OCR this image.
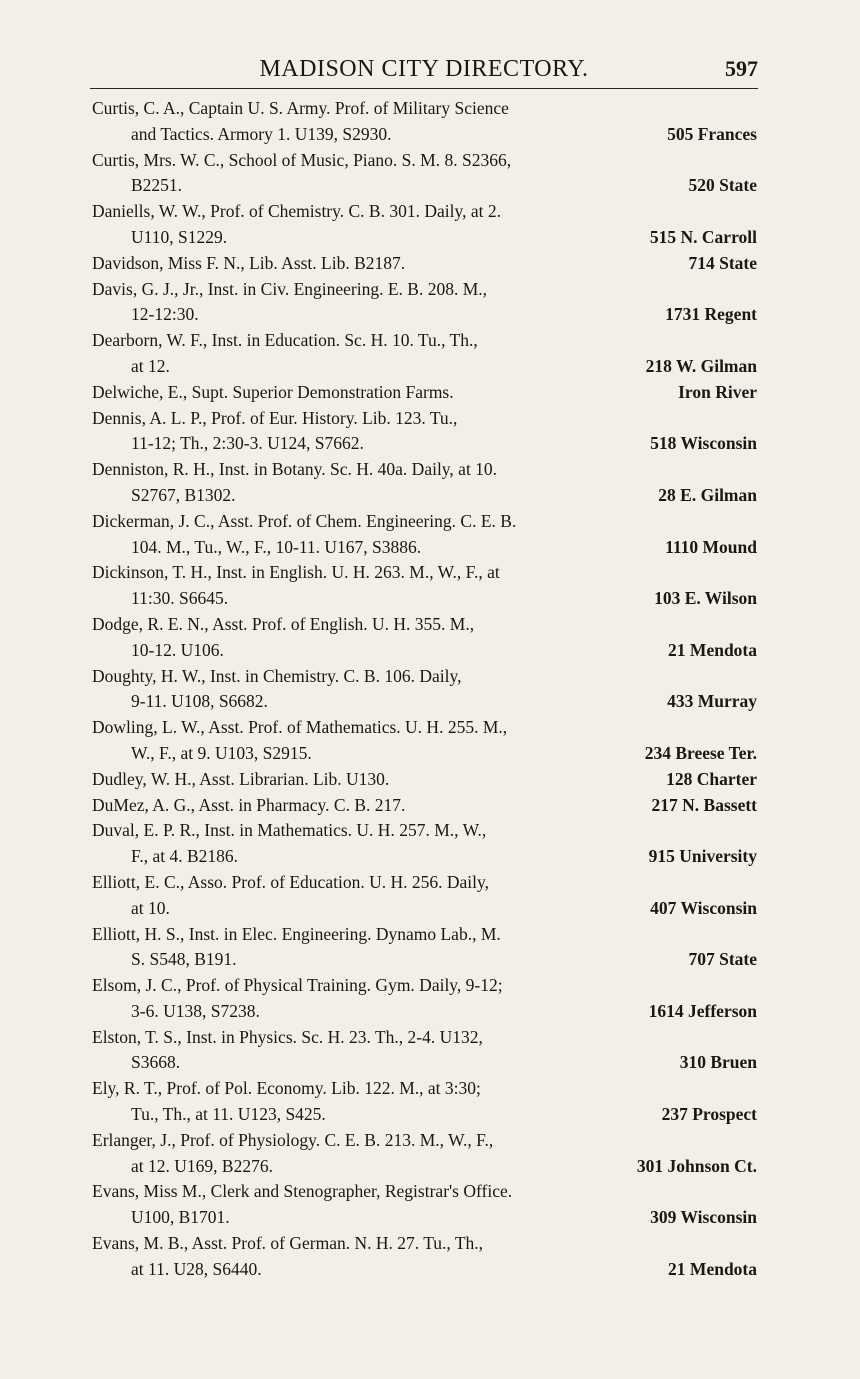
MADISON CITY DIRECTORY.	597
Curtis, C. A., Captain U. S. Army. Prof. of Military Science
and Tactics. Armory 1. U139, S2930.	505 Frances
Curtis, Mrs. W. C., School of Music, Piano. S. M. 8. S2366,
B2251.	520 State
Daniells, W. W., Prof. of Chemistry. C. B. 301. Daily, at 2.
U110, S1229.	515 N. Carroll
Davidson, Miss F. N., Lib. Asst. Lib. B2187.	714 State
Davis, G. J., Jr., Inst. in Civ. Engineering. E. B. 208. M.,
12-12:30.	1731 Regent
Dearborn, W. F., Inst. in Education. Sc. H. 10. Tu., Th.,
at 12.	218 W. Gilman
Delwiche, E., Supt. Superior Demonstration Farms.	Iron River
Dennis, A. L. P., Prof. of Eur. History. Lib. 123. Tu.,
11-12; Th., 2:30-3. U124, S7662.	518 Wisconsin
Denniston, R. H., Inst. in Botany. Sc. H. 40a. Daily, at 10.
S2767, B1302.	28 E. Gilman
Dickerman, J. C., Asst. Prof. of Chem. Engineering. C. E. B.
104. M., Tu., W., F., 10-11. U167, S3886.	1110 Mound
Dickinson, T. H., Inst. in English. U. H. 263. M., W., F., at
11:30. S6645.	103 E. Wilson
Dodge, R. E. N., Asst. Prof. of English. U. H. 355. M.,
10-12. U106.	21 Mendota
Doughty, H. W., Inst. in Chemistry. C. B. 106. Daily,
9-11. U108, S6682.	433 Murray
Dowling, L. W., Asst. Prof. of Mathematics. U. H. 255. M.,
W., F., at 9. U103, S2915.	234 Breese Ter.
Dudley, W. H., Asst. Librarian. Lib. U130.	128 Charter
DuMez, A. G., Asst. in Pharmacy. C. B. 217.	217 N. Bassett
Duval, E. P. R., Inst. in Mathematics. U. H. 257. M., W.,
F., at 4. B2186.	915 University
Elliott, E. C., Asso. Prof. of Education. U. H. 256. Daily,
at 10.	407 Wisconsin
Elliott, H. S., Inst. in Elec. Engineering. Dynamo Lab., M.
S. S548, B191.	707 State
Elsom, J. C., Prof. of Physical Training. Gym. Daily, 9-12;
3-6. U138, S7238.	1614 Jefferson
Elston, T. S., Inst. in Physics. Sc. H. 23. Th., 2-4. U132,
S3668.	310 Bruen
Ely, R. T., Prof. of Pol. Economy. Lib. 122. M., at 3:30;
Tu., Th., at 11. U123, S425.	237 Prospect
Erlanger, J., Prof. of Physiology. C. E. B. 213. M., W., F.,
at 12. U169, B2276.	301 Johnson Ct.
Evans, Miss M., Clerk and Stenographer, Registrar's Office.
U100, B1701.	309 Wisconsin
Evans, M. B., Asst. Prof. of German. N. H. 27. Tu., Th.,
at 11. U28, S6440.	21 Mendota
